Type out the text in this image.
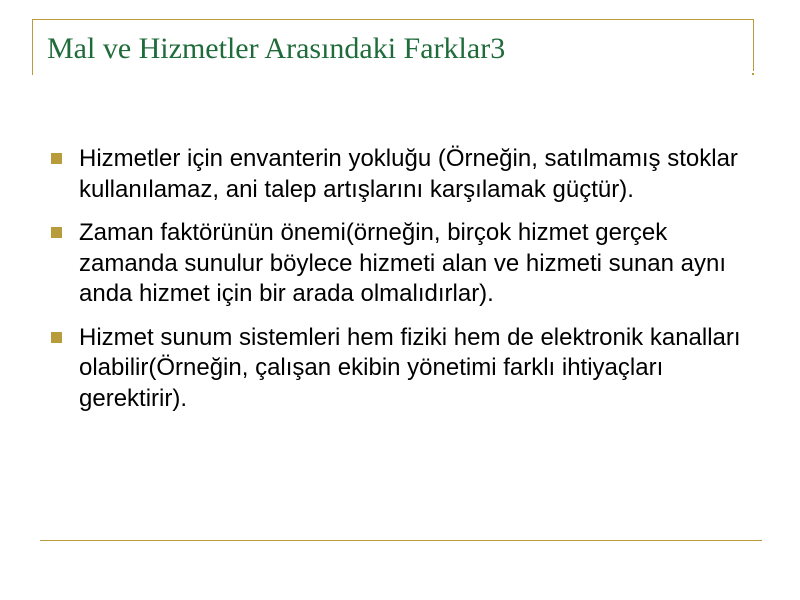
Mal ve Hizmetler Arasındaki Farklar3
Hizmetler için envanterin yokluğu (Örneğin, satılmamış stoklar kullanılamaz, ani talep artışlarını karşılamak güçtür).
Zaman faktörünün önemi(örneğin, birçok hizmet gerçek zamanda sunulur böylece hizmeti alan ve hizmeti sunan aynı anda hizmet için bir arada olmalıdırlar).
Hizmet sunum sistemleri hem fiziki hem de elektronik kanalları olabilir(Örneğin, çalışan ekibin yönetimi farklı ihtiyaçları gerektirir).
